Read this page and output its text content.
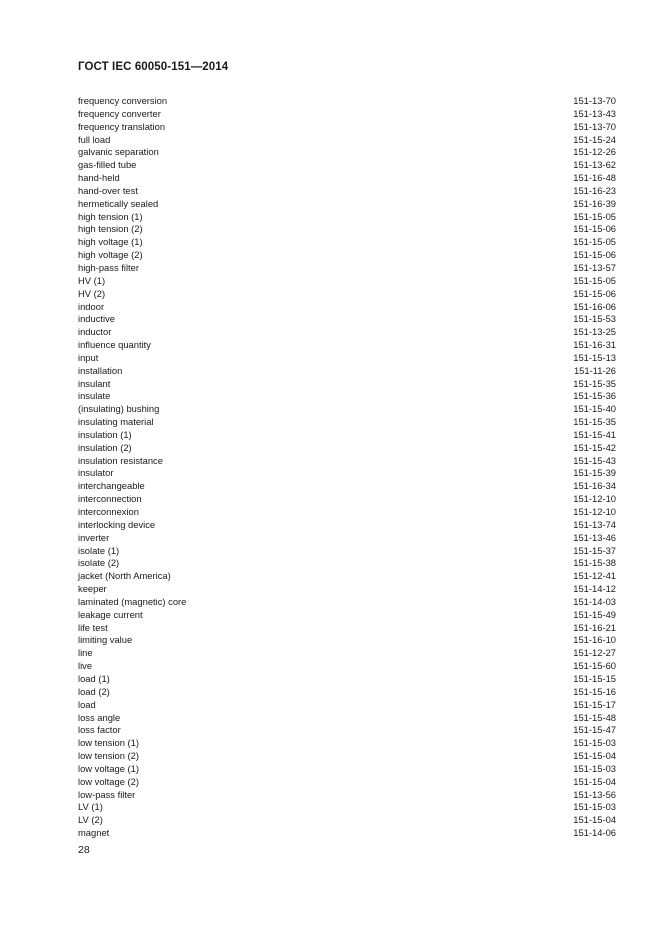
ГОСТ IEC 60050-151—2014
frequency conversion	151-13-70
frequency converter	151-13-43
frequency translation	151-13-70
full load	151-15-24
galvanic separation	151-12-26
gas-filled tube	151-13-62
hand-held	151-16-48
hand-over test	151-16-23
hermetically sealed	151-16-39
high tension (1)	151-15-05
high tension (2)	151-15-06
high voltage (1)	151-15-05
high voltage (2)	151-15-06
high-pass filter	151-13-57
HV (1)	151-15-05
HV (2)	151-15-06
indoor	151-16-06
inductive	151-15-53
inductor	151-13-25
influence quantity	151-16-31
input	151-15-13
installation	151-11-26
insulant	151-15-35
insulate	151-15-36
(insulating) bushing	151-15-40
insulating material	151-15-35
insulation (1)	151-15-41
insulation (2)	151-15-42
insulation resistance	151-15-43
insulator	151-15-39
interchangeable	151-16-34
interconnection	151-12-10
interconnexion	151-12-10
interlocking device	151-13-74
inverter	151-13-46
isolate (1)	151-15-37
isolate (2)	151-15-38
jacket (North America)	151-12-41
keeper	151-14-12
laminated (magnetic) core	151-14-03
leakage current	151-15-49
life test	151-16-21
limiting value	151-16-10
line	151-12-27
live	151-15-60
load (1)	151-15-15
load (2)	151-15-16
load	151-15-17
loss angle	151-15-48
loss factor	151-15-47
low tension (1)	151-15-03
low tension (2)	151-15-04
low voltage (1)	151-15-03
low voltage (2)	151-15-04
low-pass filter	151-13-56
LV (1)	151-15-03
LV (2)	151-15-04
magnet	151-14-06
28
